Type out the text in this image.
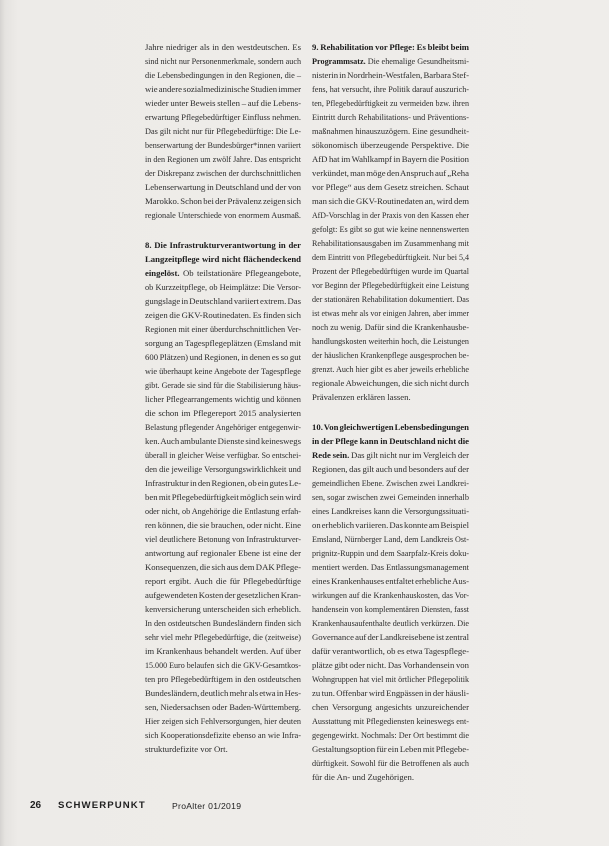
Jahre niedriger als in den westdeutschen. Es
sind nicht nur Personenmerkmale, sondern auch
die Lebensbedingungen in den Regionen, die –
wie andere sozialmedizinische Studien immer
wieder unter Beweis stellen – auf die Lebens-
erwartung Pflegebedürftiger Einfluss nehmen.
Das gilt nicht nur für Pflegebedürftige: Die Le-
benserwartung der Bundesbürger*innen variiert
in den Regionen um zwölf Jahre. Das entspricht
der Diskrepanz zwischen der durchschnittlichen
Lebenserwartung in Deutschland und der von
Marokko. Schon bei der Prävalenz zeigen sich
regionale Unterschiede von enormem Ausmaß.
8. Die Infrastrukturverantwortung in der
Langzeitpflege wird nicht flächendeckend
eingelöst. Ob teilstationäre Pflegeangebote,
ob Kurzzeitpflege, ob Heimplätze: Die Versor-
gungslage in Deutschland variiert extrem. Das
zeigen die GKV-Routinedaten. Es finden sich
Regionen mit einer überdurchschnittlichen Ver-
sorgung an Tagespflegeplätzen (Emsland mit
600 Plätzen) und Regionen, in denen es so gut
wie überhaupt keine Angebote der Tagespflege
gibt. Gerade sie sind für die Stabilisierung häus-
licher Pflegearrangements wichtig und können
die schon im Pflegereport 2015 analysierten
Belastung pflegender Angehöriger entgegenwir-
ken. Auch ambulante Dienste sind keineswegs
überall in gleicher Weise verfügbar. So entschei-
den die jeweilige Versorgungswirklichkeit und
Infrastruktur in den Regionen, ob ein gutes Le-
ben mit Pflegebedürftigkeit möglich sein wird
oder nicht, ob Angehörige die Entlastung erfah-
ren können, die sie brauchen, oder nicht. Eine
viel deutlichere Betonung von Infrastrukturver-
antwortung auf regionaler Ebene ist eine der
Konsequenzen, die sich aus dem DAK Pflege-
report ergibt. Auch die für Pflegebedürftige
aufgewendeten Kosten der gesetzlichen Kran-
kenversicherung unterscheiden sich erheblich.
In den ostdeutschen Bundesländern finden sich
sehr viel mehr Pflegebedürftige, die (zeitweise)
im Krankenhaus behandelt werden. Auf über
15.000 Euro belaufen sich die GKV-Gesamtkos-
ten pro Pflegebedürftigem in den ostdeutschen
Bundesländern, deutlich mehr als etwa in Hes-
sen, Niedersachsen oder Baden-Württemberg.
Hier zeigen sich Fehlversorgungen, hier deuten
sich Kooperationsdefizite ebenso an wie Infra-
strukturdefizite vor Ort.
9. Rehabilitation vor Pflege: Es bleibt beim
Programmsatz. Die ehemalige Gesundheitsmi-
nisterin in Nordrhein-Westfalen, Barbara Stef-
fens, hat versucht, ihre Politik darauf auszurich-
ten, Pflegebedürftigkeit zu vermeiden bzw. ihren
Eintritt durch Rehabilitations- und Präventions-
maßnahmen hinauszuzögern. Eine gesundheit-
sökonomisch überzeugende Perspektive. Die
AfD hat im Wahlkampf in Bayern die Position
verkündet, man möge den Anspruch auf „Reha
vor Pflege“ aus dem Gesetz streichen. Schaut
man sich die GKV-Routinedaten an, wird dem
AfD-Vorschlag in der Praxis von den Kassen eher
gefolgt: Es gibt so gut wie keine nennenswerten
Rehabilitationsausgaben im Zusammenhang mit
dem Eintritt von Pflegebedürftigkeit. Nur bei 5,4
Prozent der Pflegebedürftigen wurde im Quartal
vor Beginn der Pflegebedürftigkeit eine Leistung
der stationären Rehabilitation dokumentiert. Das
ist etwas mehr als vor einigen Jahren, aber immer
noch zu wenig. Dafür sind die Krankenhausbe-
handlungskosten weiterhin hoch, die Leistungen
der häuslichen Krankenpflege ausgesprochen be-
grenzt. Auch hier gibt es aber jeweils erhebliche
regionale Abweichungen, die sich nicht durch
Prävalenzen erklären lassen.
10. Von gleichwertigen Lebensbedingungen
in der Pflege kann in Deutschland nicht die
Rede sein. Das gilt nicht nur im Vergleich der
Regionen, das gilt auch und besonders auf der
gemeindlichen Ebene. Zwischen zwei Landkrei-
sen, sogar zwischen zwei Gemeinden innerhalb
eines Landkreises kann die Versorgungssituati-
on erheblich variieren. Das konnte am Beispiel
Emsland, Nürnberger Land, dem Landkreis Ost-
prignitz-Ruppin und dem Saarpfalz-Kreis doku-
mentiert werden. Das Entlassungsmanagement
eines Krankenhauses entfaltet erhebliche Aus-
wirkungen auf die Krankenhauskosten, das Vor-
handensein von komplementären Diensten, fasst
Krankenhausaufenthalte deutlich verkürzen. Die
Governance auf der Landkreisebene ist zentral
dafür verantwortlich, ob es etwa Tagespflege-
plätze gibt oder nicht. Das Vorhandensein von
Wohngruppen hat viel mit örtlicher Pflegepolitik
zu tun. Offenbar wird Engpässen in der häusli-
chen Versorgung angesichts unzureichender
Ausstattung mit Pflegediensten keineswegs ent-
gegengewirkt. Nochmals: Der Ort bestimmt die
Gestaltungsoption für ein Leben mit Pflegebe-
dürftigkeit. Sowohl für die Betroffenen als auch
für die An- und Zugehörigen.
26 SCHWERPUNKT	ProAlter 01/2019
